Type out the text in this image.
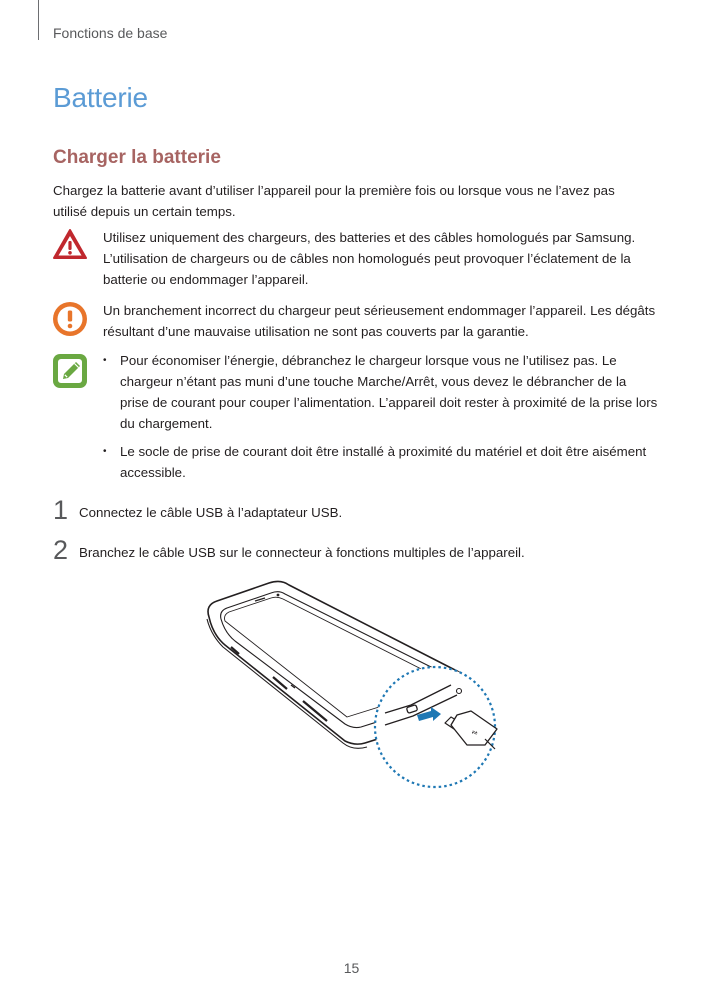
Fonctions de base
Batterie
Charger la batterie

Chargez la batterie avant d’utiliser l’appareil pour la première fois ou lorsque vous ne l’avez pas utilisé depuis un certain temps.

Utilisez uniquement des chargeurs, des batteries et des câbles homologués par Samsung. L’utilisation de chargeurs ou de câbles non homologués peut provoquer l’éclatement de la batterie ou endommager l’appareil.

Un branchement incorrect du chargeur peut sérieusement endommager l’appareil. Les dégâts résultant d’une mauvaise utilisation ne sont pas couverts par la garantie.

• Pour économiser l’énergie, débranchez le chargeur lorsque vous ne l’utilisez pas. Le chargeur n’étant pas muni d’une touche Marche/Arrêt, vous devez le débrancher de la prise de courant pour couper l’alimentation. L’appareil doit rester à proximité de la prise lors du chargement.
• Le socle de prise de courant doit être installé à proximité du matériel et doit être aisément accessible.
1 Connectez le câble USB à l’adaptateur USB.
2 Branchez le câble USB sur le connecteur à fonctions multiples de l’appareil.
⇌
15
